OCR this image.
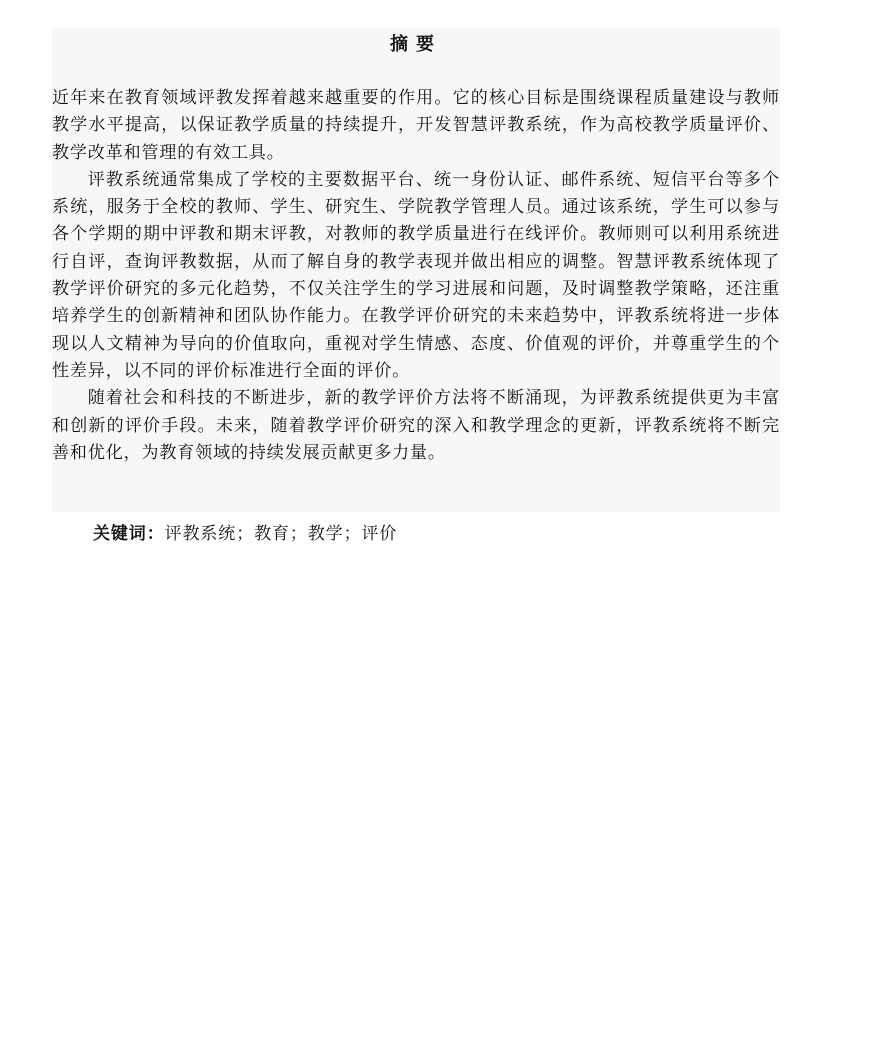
摘要

近年来在教育领域评教发挥着越来越重要的作用。它的核心目标是围绕课程质量建设与教师教学水平提高，以保证教学质量的持续提升，开发智慧评教系统，作为高校教学质量评价、教学改革和管理的有效工具。

评教系统通常集成了学校的主要数据平台、统一身份认证、邮件系统、短信平台等多个系统，服务于全校的教师、学生、研究生、学院教学管理人员。通过该系统，学生可以参与各个学期的期中评教和期末评教，对教师的教学质量进行在线评价。教师则可以利用系统进行自评，查询评教数据，从而了解自身的教学表现并做出相应的调整。智慧评教系统体现了教学评价研究的多元化趋势，不仅关注学生的学习进展和问题，及时调整教学策略，还注重培养学生的创新精神和团队协作能力。在教学评价研究的未来趋势中，评教系统将进一步体现以人文精神为导向的价值取向，重视对学生情感、态度、价值观的评价，并尊重学生的个性差异，以不同的评价标准进行全面的评价。

随着社会和科技的不断进步，新的教学评价方法将不断涌现，为评教系统提供更为丰富和创新的评价手段。未来，随着教学评价研究的深入和教学理念的更新，评教系统将不断完善和优化，为教育领域的持续发展贡献更多力量。

关键词：评教系统；教育；教学；评价
